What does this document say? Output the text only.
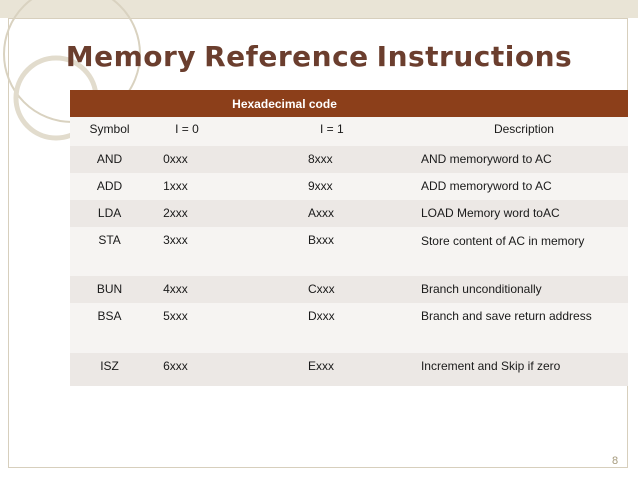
Memory Reference Instructions
	Hexadecimal code		
Symbol	I = 0	I = 1	Description
AND	0xxx	8xxx	AND memoryword to AC
ADD	1xxx	9xxx	ADD memoryword to AC
LDA	2xxx	Axxx	LOAD Memory word toAC
STA	3xxx	Bxxx	Store content of AC in memory
BUN	4xxx	Cxxx	Branch unconditionally
BSA	5xxx	Dxxx	Branch and save return address
ISZ	6xxx	Exxx	Increment and Skip if zero
8
